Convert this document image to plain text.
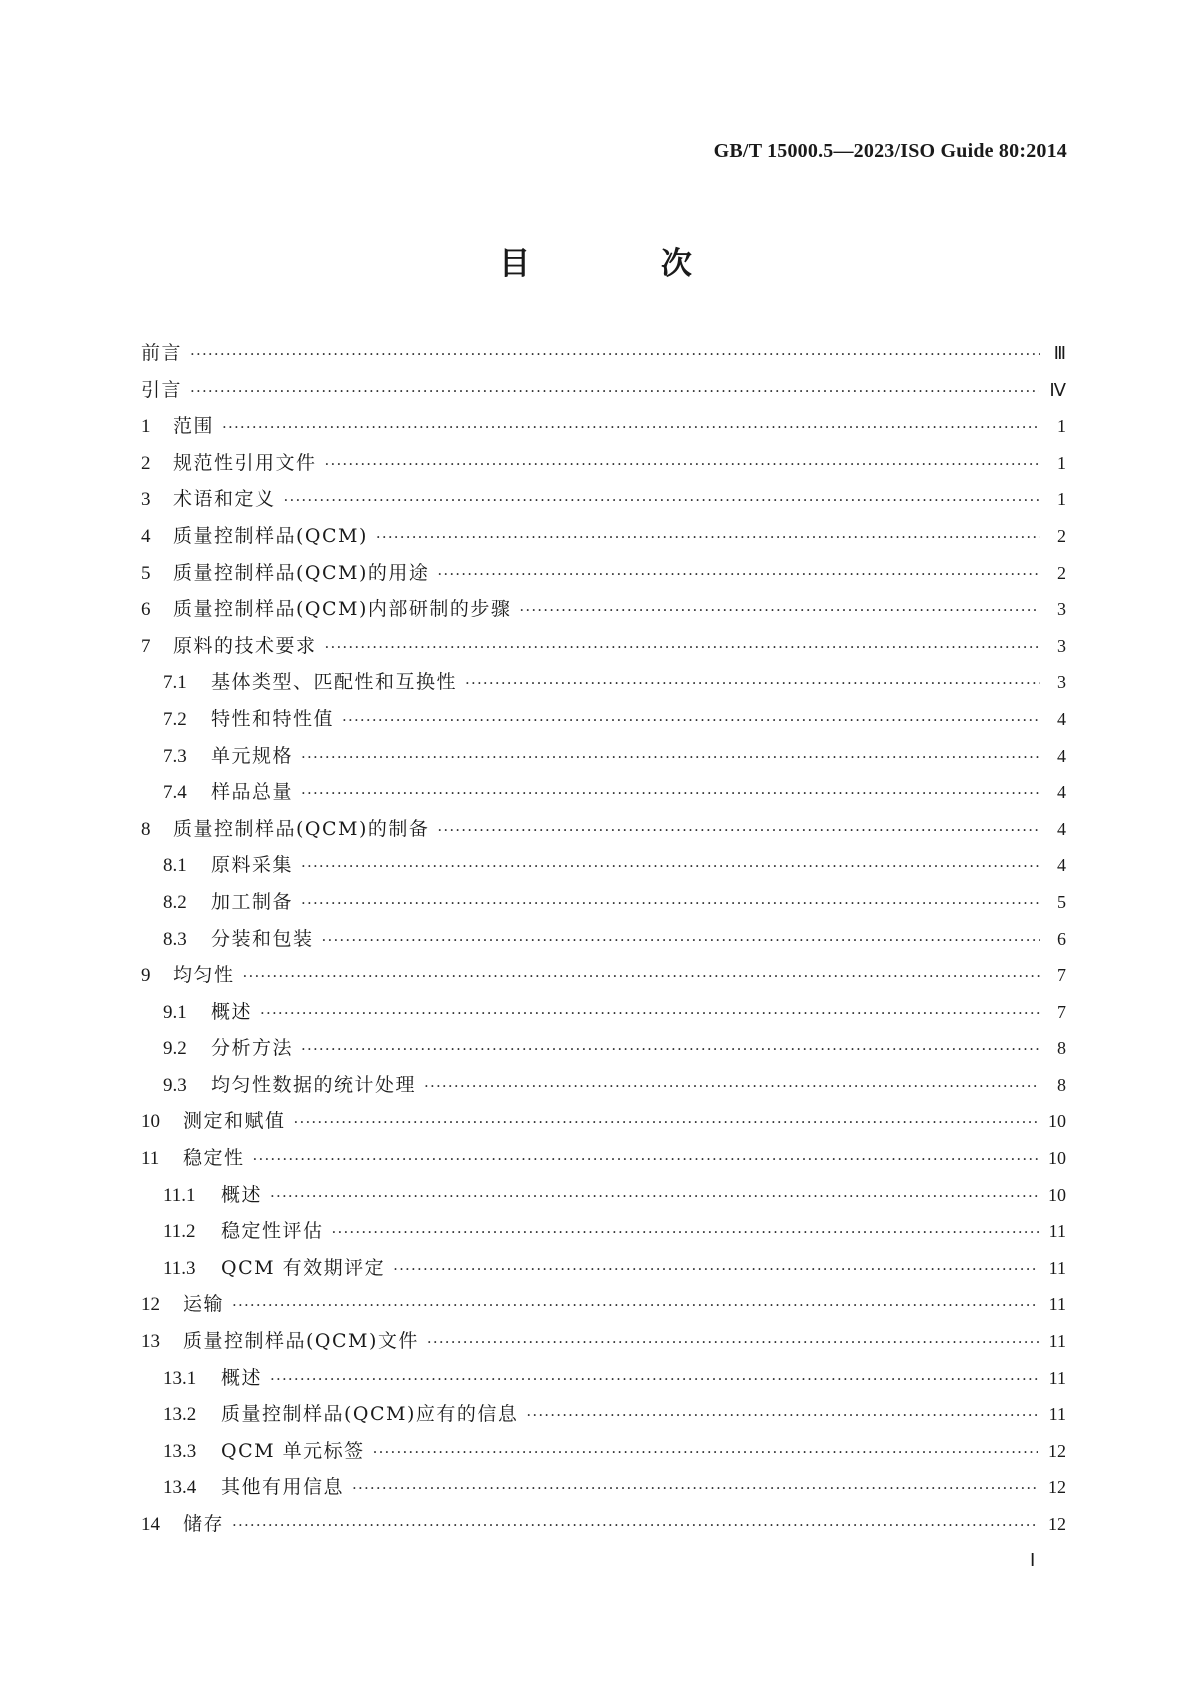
GB/T 15000.5—2023/ISO Guide 80:2014
目 次
前言 ·····	Ⅲ
引言 ·····	Ⅳ
1	范围 ·····	1
2	规范性引用文件 ·····	1
3	术语和定义 ·····	1
4	质量控制样品(QCM) ·····	2
5	质量控制样品(QCM)的用途 ·····	2
6	质量控制样品(QCM)内部研制的步骤 ·····	3
7	原料的技术要求 ·····	3
7.1	基体类型、匹配性和互换性 ·····	3
7.2	特性和特性值 ·····	4
7.3	单元规格 ·····	4
7.4	样品总量 ·····	4
8	质量控制样品(QCM)的制备 ·····	4
8.1	原料采集 ·····	4
8.2	加工制备 ·····	5
8.3	分装和包装 ·····	6
9	均匀性 ·····	7
9.1	概述 ·····	7
9.2	分析方法 ·····	8
9.3	均匀性数据的统计处理 ·····	8
10	测定和赋值 ·····	10
11	稳定性 ·····	10
11.1	概述 ·····	10
11.2	稳定性评估 ·····	11
11.3	QCM 有效期评定 ·····	11
12	运输 ·····	11
13	质量控制样品(QCM)文件 ·····	11
13.1	概述 ·····	11
13.2	质量控制样品(QCM)应有的信息 ·····	11
13.3	QCM 单元标签 ·····	12
13.4	其他有用信息 ·····	12
14	储存 ·····	12
Ⅰ
